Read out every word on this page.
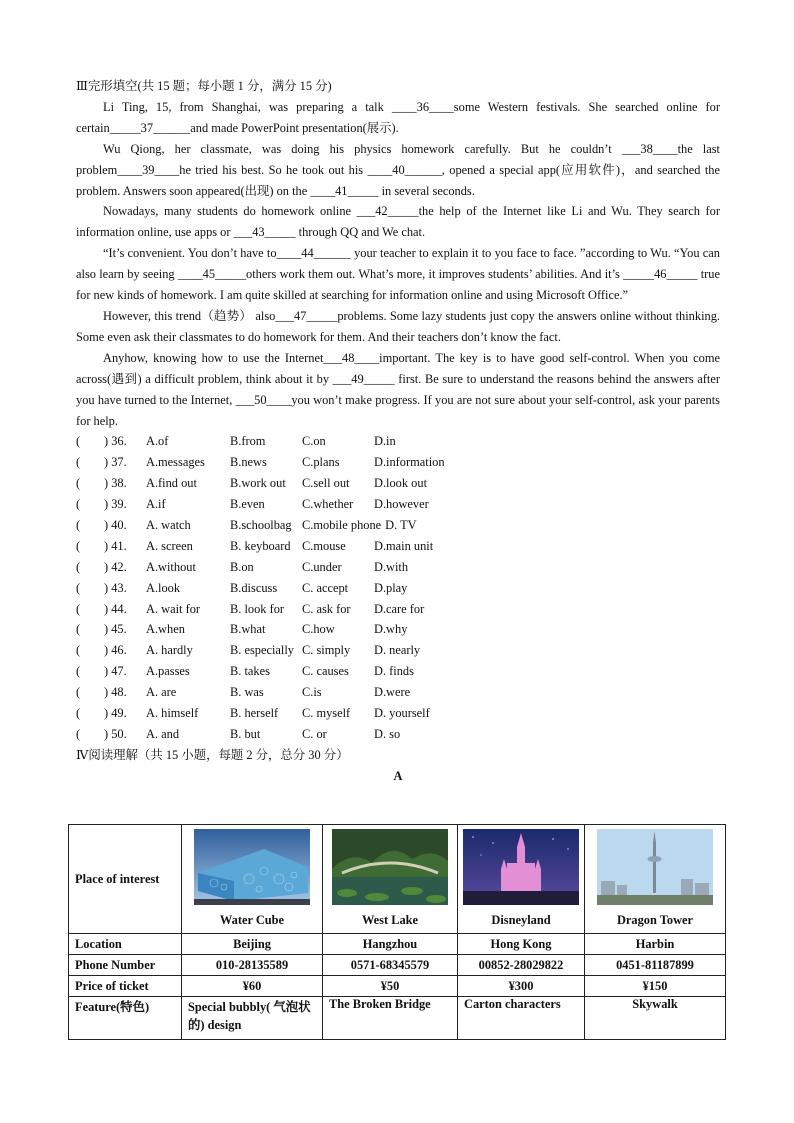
Ⅲ完形填空(共 15 题；每小题 1 分，满分 15 分)

Li Ting, 15, from Shanghai, was preparing a talk ____36____some Western festivals. She searched online for certain_____37______and made PowerPoint presentation(展示).

Wu Qiong, her classmate, was doing his physics homework carefully. But he couldn’t ___38____the last problem____39____he tried his best. So he took out his ____40______, opened a special app(应用软件)，and searched the problem. Answers soon appeared(出现) on the ____41_____ in several seconds.

Nowadays, many students do homework online ___42_____the help of the Internet like Li and Wu. They search for information online, use apps or ___43_____ through QQ and We chat.

“It’s convenient. You don’t have to____44______ your teacher to explain it to you face to face. ”according to Wu. “You can also learn by seeing ____45_____others work them out. What’s more, it improves students’ abilities. And it’s _____46_____ true for new kinds of homework. I am quite skilled at searching for information online and using Microsoft Office.”

However, this trend（趋势） also___47_____problems. Some lazy students just copy the answers online without thinking.　Some even ask their classmates to do homework for them. And their teachers don’t know the fact.

Anyhow, knowing how to use the Internet___48____important. The key is to have good self-control. When you come across(遇到) a difficult problem, think about it by ___49_____ first. Be sure to understand the reasons behind the answers after you have turned to the Internet, ___50____you won’t make progress. If you are not sure about your self-control, ask your parents for help.

( ) 36. A.of	B.from	C.on	D.in
( ) 37. A.messages B.news	C.plans	D.information
( ) 38. A.find out	B.work out C.sell out D.look out
( ) 39. A.if	B.even	C.whether D.however
( ) 40. A. watch	B.schoolbag C.mobile phone D. TV
( ) 41. A. screen	B. keyboard C.mouse D.main unit
( ) 42. A.without	B.on	C.under	D.with
( ) 43. A.look	B.discuss C. accept D.play
( ) 44. A. wait for B. look for C. ask for D.care for
( ) 45. A.when	B.what	C.how	D.why
( ) 46. A. hardly	B. especially C. simply D. nearly
( ) 47. A.passes	B. takes	C. causes D. finds
( ) 48. A. are	B. was	C.is	D.were
( ) 49. A. himself	B. herself C. myself D. yourself
( ) 50. A. and	B. but	C. or	D. so

Ⅳ阅读理解（共 15 小题，每题 2 分，总分 30 分）

A
Place of interest	Water Cube	West Lake	Disneyland	Dragon Tower

Location	Beijing	Hangzhou	Hong Kong	Harbin
Phone Number	010-28135589	0571-68345579	00852-28029822	0451-81187899
Price of ticket	¥60	¥50	¥300	¥150
Feature(特色)	Special bubbly( 气泡状的) design	The Broken Bridge	Carton characters	Skywalk
